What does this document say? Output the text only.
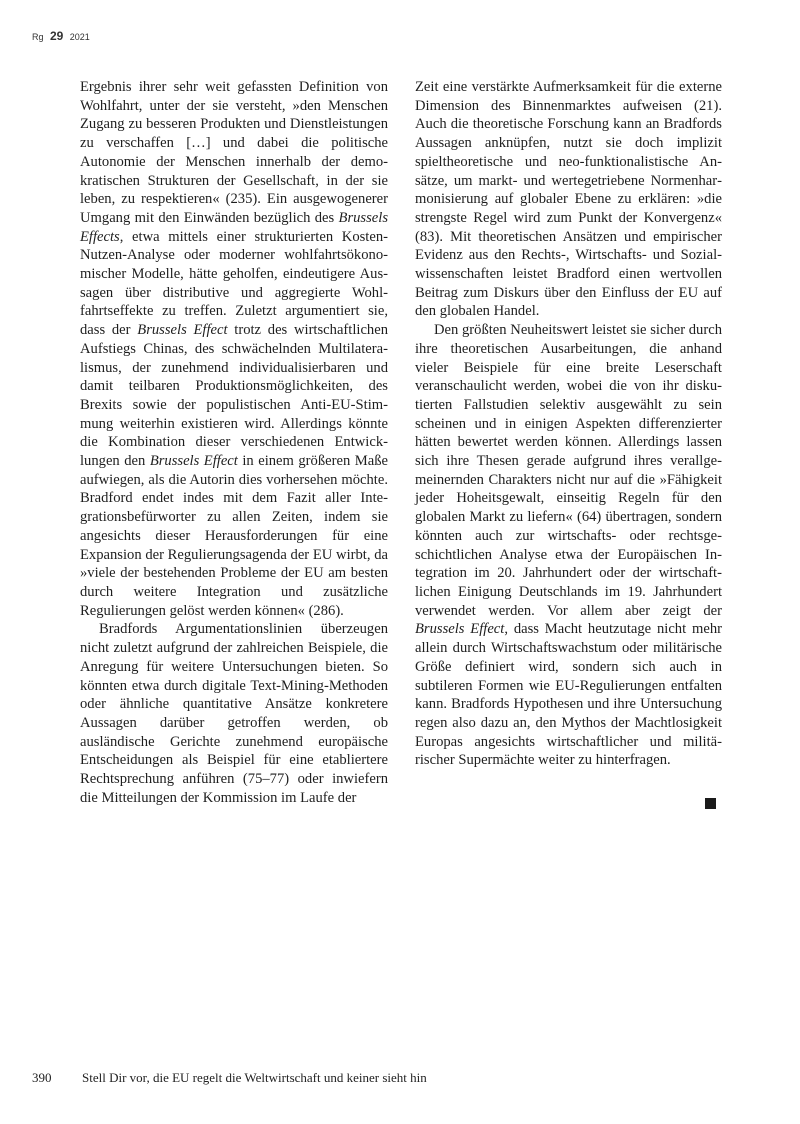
Rg 29 2021

Ergebnis ihrer sehr weit gefassten Definition von Wohlfahrt, unter der sie versteht, »den Menschen Zugang zu besseren Produkten und Dienstleistungen zu verschaffen […] und dabei die politische Autonomie der Menschen innerhalb der demokratischen Strukturen der Gesellschaft, in der sie leben, zu respektieren« (235). Ein ausgewogenerer Umgang mit den Einwänden bezüglich des Brussels Effects, etwa mittels einer strukturierten Kosten-Nutzen-Analyse oder moderner wohlfahrtsökonomischer Modelle, hätte geholfen, eindeutigere Aussagen über distributive und aggregierte Wohlfahrtseffekte zu treffen. Zuletzt argumentiert sie, dass der Brussels Effect trotz des wirtschaftlichen Aufstiegs Chinas, des schwächelnden Multilateralismus, der zunehmend individualisierbaren und damit teilbaren Produktionsmöglichkeiten, des Brexits sowie der populistischen Anti-EU-Stimmung weiterhin existieren wird. Allerdings könnte die Kombination dieser verschiedenen Entwicklungen den Brussels Effect in einem größeren Maße aufwiegen, als die Autorin dies vorhersehen möchte. Bradford endet indes mit dem Fazit aller Integrationsbefürworter zu allen Zeiten, indem sie angesichts dieser Herausforderungen für eine Expansion der Regulierungsagenda der EU wirbt, da »viele der bestehenden Probleme der EU am besten durch weitere Integration und zusätzliche Regulierungen gelöst werden können« (286).

Bradfords Argumentationslinien überzeugen nicht zuletzt aufgrund der zahlreichen Beispiele, die Anregung für weitere Untersuchungen bieten. So könnten etwa durch digitale Text-Mining-Methoden oder ähnliche quantitative Ansätze konkretere Aussagen darüber getroffen werden, ob ausländische Gerichte zunehmend europäische Entscheidungen als Beispiel für eine etabliertere Rechtsprechung anführen (75–77) oder inwiefern die Mitteilungen der Kommission im Laufe der

Zeit eine verstärkte Aufmerksamkeit für die externe Dimension des Binnenmarktes aufweisen (21). Auch die theoretische Forschung kann an Bradfords Aussagen anknüpfen, nutzt sie doch implizit spieltheoretische und neo-funktionalistische Ansätze, um markt- und wertegetriebene Normenharmonisierung auf globaler Ebene zu erklären: »die strengste Regel wird zum Punkt der Konvergenz« (83). Mit theoretischen Ansätzen und empirischer Evidenz aus den Rechts-, Wirtschafts- und Sozialwissenschaften leistet Bradford einen wertvollen Beitrag zum Diskurs über den Einfluss der EU auf den globalen Handel.

Den größten Neuheitswert leistet sie sicher durch ihre theoretischen Ausarbeitungen, die anhand vieler Beispiele für eine breite Leserschaft veranschaulicht werden, wobei die von ihr diskutierten Fallstudien selektiv ausgewählt zu sein scheinen und in einigen Aspekten differenzierter hätten bewertet werden können. Allerdings lassen sich ihre Thesen gerade aufgrund ihres verallgemeinernden Charakters nicht nur auf die »Fähigkeit jeder Hoheitsgewalt, einseitig Regeln für den globalen Markt zu liefern« (64) übertragen, sondern könnten auch zur wirtschafts- oder rechtsgeschichtlichen Analyse etwa der Europäischen Integration im 20. Jahrhundert oder der wirtschaftlichen Einigung Deutschlands im 19. Jahrhundert verwendet werden. Vor allem aber zeigt der Brussels Effect, dass Macht heutzutage nicht mehr allein durch Wirtschaftswachstum oder militärische Größe definiert wird, sondern sich auch in subtileren Formen wie EU-Regulierungen entfalten kann. Bradfords Hypothesen und ihre Untersuchung regen also dazu an, den Mythos der Machtlosigkeit Europas angesichts wirtschaftlicher und militärischer Supermächte weiter zu hinterfragen.

390 Stell Dir vor, die EU regelt die Weltwirtschaft und keiner sieht hin
